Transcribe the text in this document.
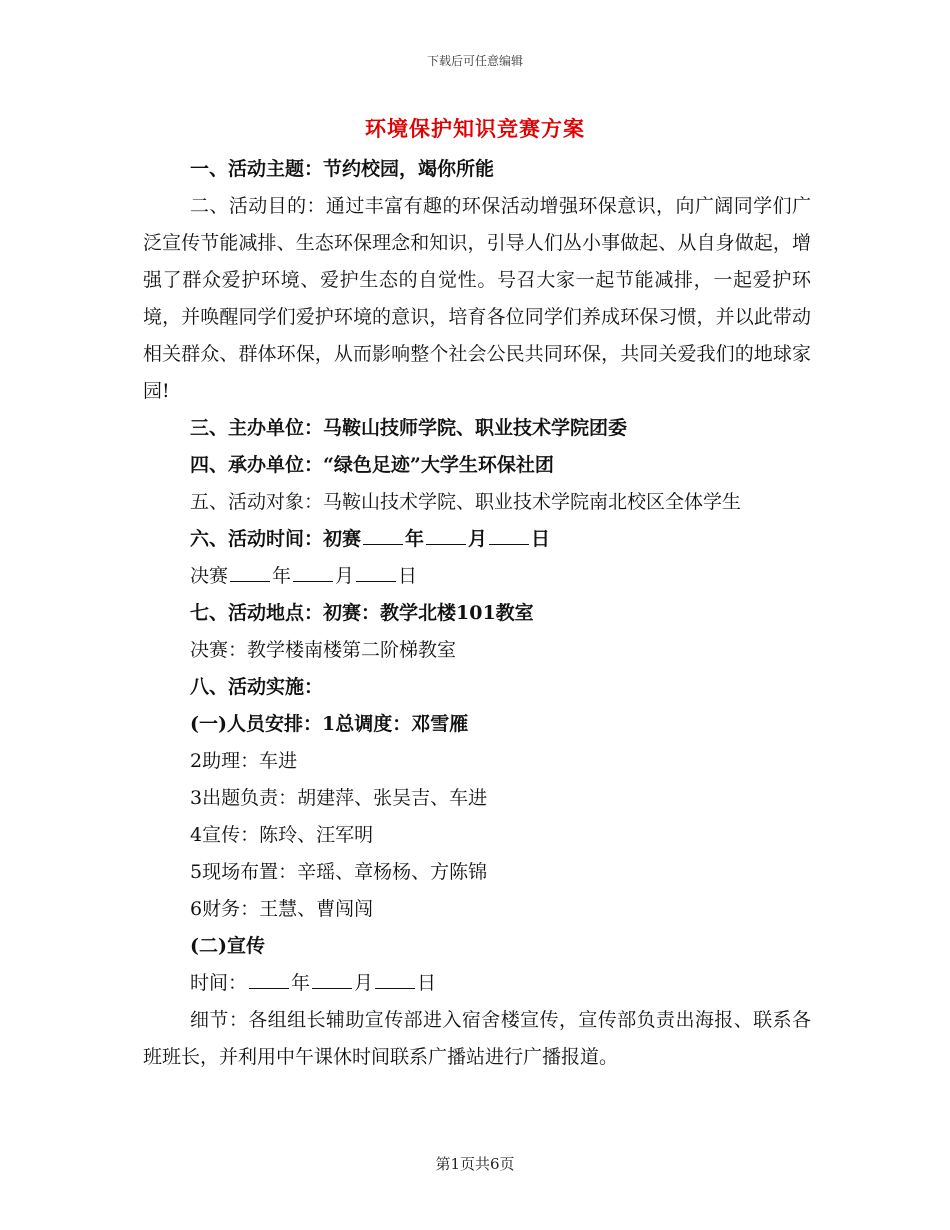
下载后可任意编辑
环境保护知识竞赛方案

一、活动主题：节约校园，竭你所能

二、活动目的：通过丰富有趣的环保活动增强环保意识，向广阔同学们广泛宣传节能减排、生态环保理念和知识，引导人们丛小事做起、从自身做起，增强了群众爱护环境、爱护生态的自觉性。号召大家一起节能减排，一起爱护环境，并唤醒同学们爱护环境的意识，培育各位同学们养成环保习惯，并以此带动相关群众、群体环保，从而影响整个社会公民共同环保，共同关爱我们的地球家园!

三、主办单位：马鞍山技师学院、职业技术学院团委

四、承办单位：“绿色足迹”大学生环保社团

五、活动对象：马鞍山技术学院、职业技术学院南北校区全体学生

六、活动时间：初赛 年 月 日

决赛 年 月 日

七、活动地点：初赛：教学北楼101教室

决赛：教学楼南楼第二阶梯教室

八、活动实施：

(一)人员安排：1总调度：邓雪雁

2助理：车进

3出题负责：胡建萍、张吴吉、车进

4宣传：陈玲、汪军明

5现场布置：辛瑶、章杨杨、方陈锦

6财务：王慧、曹闯闯

(二)宣传

时间： 年 月 日

细节：各组组长辅助宣传部进入宿舍楼宣传，宣传部负责出海报、联系各班班长，并利用中午课休时间联系广播站进行广播报道。

第1页共6页
